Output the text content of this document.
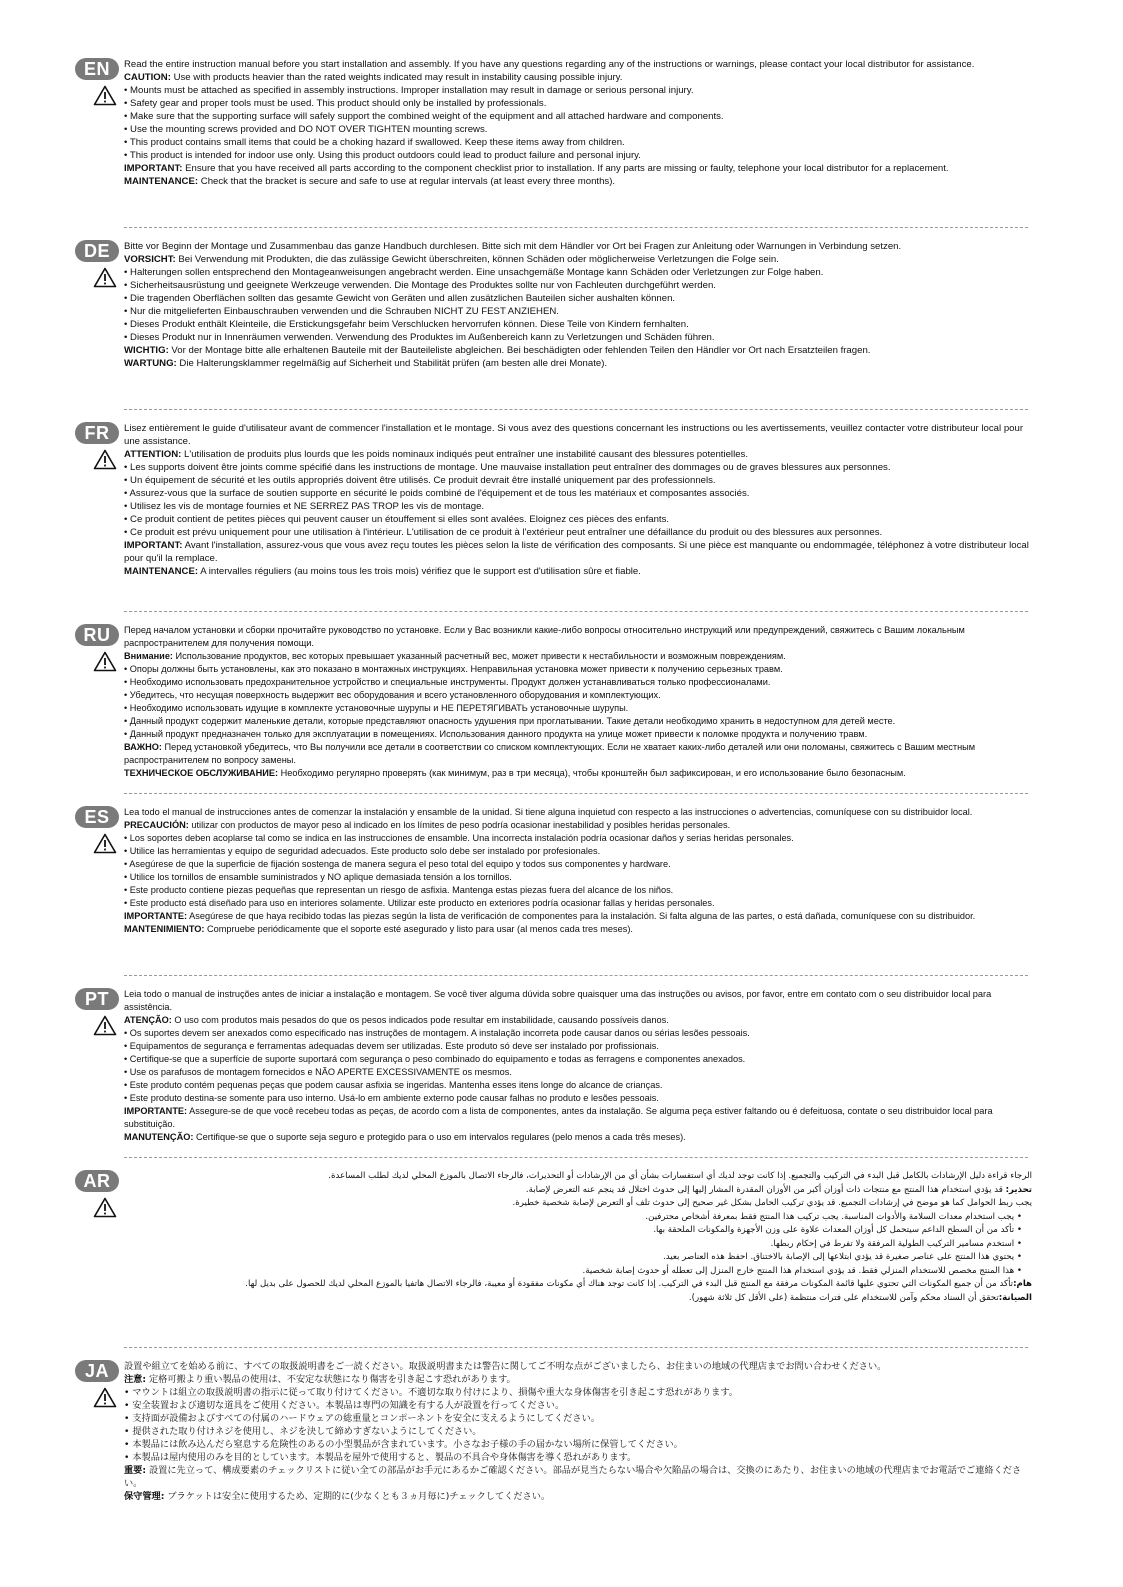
EN	Read the entire instruction manual before you start installation and assembly. If you have any questions regarding any of the instructions or warnings, please contact your local distributor for assistance.

CAUTION: Use with products heavier than the rated weights indicated may result in instability causing possible injury.

• Mounts must be attached as specified in assembly instructions. Improper installation may result in damage or serious personal injury.
• Safety gear and proper tools must be used. This product should only be installed by professionals.
• Make sure that the supporting surface will safely support the combined weight of the equipment and all attached hardware and components.
• Use the mounting screws provided and DO NOT OVER TIGHTEN mounting screws.
• This product contains small items that could be a choking hazard if swallowed. Keep these items away from children.
• This product is intended for indoor use only. Using this product outdoors could lead to product failure and personal injury.

IMPORTANT: Ensure that you have received all parts according to the component checklist prior to installation. If any parts are missing or faulty, telephone your local distributor for a replacement.

MAINTENANCE: Check that the bracket is secure and safe to use at regular intervals (at least every three months).

DE	Bitte vor Beginn der Montage und Zusammenbau das ganze Handbuch durchlesen. Bitte sich mit dem Händler vor Ort bei Fragen zur Anleitung oder Warnungen in Verbindung setzen.

VORSICHT: Bei Verwendung mit Produkten, die das zulässige Gewicht überschreiten, können Schäden oder möglicherweise Verletzungen die Folge sein.

• Halterungen sollen entsprechend den Montageanweisungen angebracht werden. Eine unsachgemäße Montage kann Schäden oder Verletzungen zur Folge haben.
• Sicherheitsausrüstung und geeignete Werkzeuge verwenden. Die Montage des Produktes sollte nur von Fachleuten durchgeführt werden.
• Die tragenden Oberflächen sollten das gesamte Gewicht von Geräten und allen zusätzlichen Bauteilen sicher aushalten können.
• Nur die mitgelieferten Einbauschrauben verwenden und die Schrauben NICHT ZU FEST ANZIEHEN.
• Dieses Produkt enthält Kleinteile, die Erstickungsgefahr beim Verschlucken hervorrufen können. Diese Teile von Kindern fernhalten.
• Dieses Produkt nur in Innenräumen verwenden. Verwendung des Produktes im Außenbereich kann zu Verletzungen und Schäden führen.

WICHTIG: Vor der Montage bitte alle erhaltenen Bauteile mit der Bauteileliste abgleichen. Bei beschädigten oder fehlenden Teilen den Händler vor Ort nach Ersatzteilen fragen.

WARTUNG: Die Halterungsklammer regelmäßig auf Sicherheit und Stabilität prüfen (am besten alle drei Monate).

FR	Lisez entièrement le guide d'utilisateur avant de commencer l'installation et le montage. Si vous avez des questions concernant les instructions ou les avertissements, veuillez contacter votre distributeur local pour une assistance.

ATTENTION: L'utilisation de produits plus lourds que les poids nominaux indiqués peut entraîner une instabilité causant des blessures potentielles.

• Les supports doivent être joints comme spécifié dans les instructions de montage. Une mauvaise installation peut entraîner des dommages ou de graves blessures aux personnes.
• Un équipement de sécurité et les outils appropriés doivent être utilisés. Ce produit devrait être installé uniquement par des professionnels.
• Assurez-vous que la surface de soutien supporte en sécurité le poids combiné de l'équipement et de tous les matériaux et composantes associés.
• Utilisez les vis de montage fournies et NE SERREZ PAS TROP les vis de montage.
• Ce produit contient de petites pièces qui peuvent causer un étouffement si elles sont avalées. Eloignez ces pièces des enfants.
• Ce produit est prévu uniquement pour une utilisation à l'intérieur. L'utilisation de ce produit à l'extérieur peut entraîner une défaillance du produit ou des blessures aux personnes.

IMPORTANT: Avant l'installation, assurez-vous que vous avez reçu toutes les pièces selon la liste de vérification des composants. Si une pièce est manquante ou endommagée, téléphonez à votre distributeur local pour qu'il la remplace.

MAINTENANCE: A intervalles réguliers (au moins tous les trois mois) vérifiez que le support est d'utilisation sûre et fiable.

RU	Перед началом установки и сборки прочитайте руководство по установке. Если у Вас возникли какие-либо вопросы относительно инструкций или предупреждений, свяжитесь с Вашим локальным распространителем для получения помощи.

Внимание: Использование продуктов, вес которых превышает указанный расчетный вес, может привести к нестабильности и возможным повреждениям.

• Опоры должны быть установлены, как это показано в монтажных инструкциях. Неправильная установка может привести к получению серьезных травм.
• Необходимо использовать предохранительное устройство и специальные инструменты. Продукт должен устанавливаться только профессионалами.
• Убедитесь, что несущая поверхность выдержит вес оборудования и всего установленного оборудования и комплектующих.
• Необходимо использовать идущие в комплекте установочные шурупы и НЕ ПЕРЕТЯГИВАТЬ установочные шурупы.
• Данный продукт содержит маленькие детали, которые представляют опасность удушения при проглатывании. Такие детали необходимо хранить в недоступном для детей месте.
• Данный продукт предназначен только для эксплуатации в помещениях. Использования данного продукта на улице может привести к поломке продукта и получению травм.

ВАЖНО: Перед установкой убедитесь, что Вы получили все детали в соответствии со списком комплектующих. Если не хватает каких-либо деталей или они поломаны, свяжитесь с Вашим местным распространителем по вопросу замены.

ТЕХНИЧЕСКОЕ ОБСЛУЖИВАНИЕ: Необходимо регулярно проверять (как минимум, раз в три месяца), чтобы кронштейн был зафиксирован, и его использование было безопасным.

ES	Lea todo el manual de instrucciones antes de comenzar la instalación y ensamble de la unidad. Si tiene alguna inquietud con respecto a las instrucciones o advertencias, comuníquese con su distribuidor local.

PRECAUCIÓN: utilizar con productos de mayor peso al indicado en los límites de peso podría ocasionar inestabilidad y posibles heridas personales.

• Los soportes deben acoplarse tal como se indica en las instrucciones de ensamble. Una incorrecta instalación podría ocasionar daños y serias heridas personales.
• Utilice las herramientas y equipo de seguridad adecuados. Este producto solo debe ser instalado por profesionales.
• Asegúrese de que la superficie de fijación sostenga de manera segura el peso total del equipo y todos sus componentes y hardware.
• Utilice los tornillos de ensamble suministrados y NO aplique demasiada tensión a los tornillos.
• Este producto contiene piezas pequeñas que representan un riesgo de asfixia. Mantenga estas piezas fuera del alcance de los niños.
• Este producto está diseñado para uso en interiores solamente. Utilizar este producto en exteriores podría ocasionar fallas y heridas personales.

IMPORTANTE: Asegúrese de que haya recibido todas las piezas según la lista de verificación de componentes para la instalación. Si falta alguna de las partes, o está dañada, comuníquese con su distribuidor.

MANTENIMIENTO: Compruebe periódicamente que el soporte esté asegurado y listo para usar (al menos cada tres meses).

PT	Leia todo o manual de instruções antes de iniciar a instalação e montagem. Se você tiver alguma dúvida sobre quaisquer uma das instruções ou avisos, por favor, entre em contato com o seu distribuidor local para assistência.

ATENÇÃO: O uso com produtos mais pesados do que os pesos indicados pode resultar em instabilidade, causando possíveis danos.

• Os suportes devem ser anexados como especificado nas instruções de montagem. A instalação incorreta pode causar danos ou sérias lesões pessoais.
• Equipamentos de segurança e ferramentas adequadas devem ser utilizadas. Este produto só deve ser instalado por profissionais.
• Certifique-se que a superfície de suporte suportará com segurança o peso combinado do equipamento e todas as ferragens e componentes anexados.
• Use os parafusos de montagem fornecidos e NÃO APERTE EXCESSIVAMENTE os mesmos.
• Este produto contém pequenas peças que podem causar asfixia se ingeridas. Mantenha esses itens longe do alcance de crianças.
• Este produto destina-se somente para uso interno. Usá-lo em ambiente externo pode causar falhas no produto e lesões pessoais.

IMPORTANTE: Assegure-se de que você recebeu todas as peças, de acordo com a lista de componentes, antes da instalação. Se alguma peça estiver faltando ou é defeituosa, contate o seu distribuidor local para substituição.

MANUTENÇÃO: Certifique-se que o suporte seja seguro e protegido para o uso em intervalos regulares (pelo menos a cada três meses).

AR	الرجاء قراءة دليل الإرشادات بالكامل قبل البدء في التركيب والتجميع. إذا كانت توجد لديك أي استفسارات بشأن أي من الإرشادات أو التحذيرات، فالرجاء الاتصال بالموزع المحلي لديك لطلب المساعدة.

تحذير: قد يؤدي استخدام هذا المنتج مع منتجات ذات أوزان أكبر من الأوزان المقدرة المشار إليها إلى حدوث اختلال قد ينجم عنه التعرض لإصابة.

يجب ربط الحوامل كما هو موضح في إرشادات التجميع. قد يؤدي تركيب الحامل بشكل غير صحيح إلى حدوث تلف أو التعرض لإصابة شخصية خطيرة.

• يجب استخدام معدات السلامة والأدوات المناسبة. يجب تركيب هذا المنتج فقط بمعرفة أشخاص محترفين.
• تأكد من أن السطح الداعم سيتحمل كل أوزان المعدات علاوة على وزن الأجهزة والمكونات الملحقة بها.
• استخدم مسامير التركيب الطولية المرفقة ولا تفرط في إحكام ربطها.
• يحتوي هذا المنتج على عناصر صغيرة قد يؤدي ابتلاعها إلى الإصابة بالاختناق. احفظ هذه العناصر بعيد.
• هذا المنتج مخصص للاستخدام المنزلي فقط. قد يؤدي استخدام هذا المنتج خارج المنزل إلى تعطله أو حدوث إصابة شخصية.

هام:تأكد من أن جميع المكونات التي تحتوي عليها قائمة المكونات مرفقة مع المنتج قبل البدء في التركيب. إذا كانت توجد هناك أي مكونات مفقودة أو معيبة، فالرجاء الاتصال هاتفيا بالموزع المحلي لديك للحصول على بديل لها.

الصيانة:تحقق أن السناد محكم وآمن للاستخدام على فترات منتظمة (على الأقل كل ثلاثة شهور).

JA	設置や組立てを始める前に、すべての取扱説明書をご一読ください。取扱説明書または警告に関してご不明な点がございましたら、お住まいの地域の代理店までお問い合わせください。

注意: 定格可搬より重い製品の使用は、不安定な状態になり傷害を引き起こす恐れがあります。

• マウントは組立の取扱説明書の指示に従って取り付けてください。不適切な取り付けにより、損傷や重大な身体傷害を引き起こす恐れがあります。
• 安全装置および適切な道具をご使用ください。本製品は専門の知識を有する人が設置を行ってください。
• 支持面が設備およびすべての付属のハードウェアの総重量とコンポーネントを安全に支えるようにしてください。
• 提供された取り付けネジを使用し、ネジを決して締めすぎないようにしてください。
• 本製品には飲み込んだら窒息する危険性のあるの小型製品が含まれています。小さなお子様の手の届かない場所に保管してください。
• 本製品は屋内使用のみを目的としています。本製品を屋外で使用すると、製品の不具合や身体傷害を導く恐れがあります。

重要: 設置に先立って、構成要素のチェックリストに従い全ての部品がお手元にあるかご確認ください。部品が見当たらない場合や欠陥品の場合は、交換のにあたり、お住まいの地域の代理店までお電話でご連絡ください。

保守管理: ブラケットは安全に使用するため、定期的に(少なくとも３ヵ月毎に)チェックしてください。
